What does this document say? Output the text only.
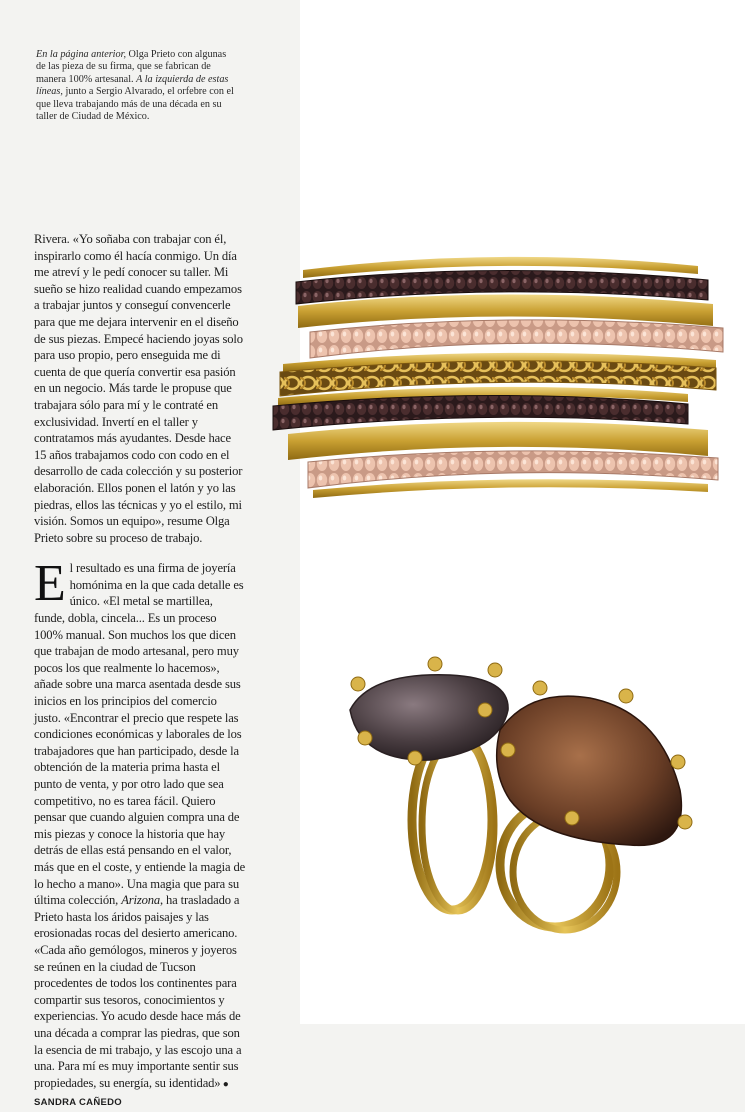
En la página anterior, Olga Prieto con algunas de las pieza de su firma, que se fabrican de manera 100% artesanal. A la izquierda de estas líneas, junto a Sergio Alvarado, el orfebre con el que lleva trabajando más de una década en su taller de Ciudad de México.

Rivera. «Yo soñaba con trabajar con él, inspirarlo como él hacía conmigo. Un día me atreví y le pedí conocer su taller. Mi sueño se hizo realidad cuando empezamos a trabajar juntos y conseguí convencerle para que me dejara intervenir en el diseño de sus piezas. Empecé haciendo joyas solo para uso propio, pero enseguida me di cuenta de que quería convertir esa pasión en un negocio. Más tarde le propuse que trabajara sólo para mí y le contraté en exclusividad. Invertí en el taller y contratamos más ayudantes. Desde hace 15 años trabajamos codo con codo en el desarrollo de cada colección y su posterior elaboración. Ellos ponen el latón y yo las piedras, ellos las técnicas y yo el estilo, mi visión. Somos un equipo», resume Olga Prieto sobre su proceso de trabajo.

El resultado es una firma de joyería homónima en la que cada detalle es único. «El metal se martillea, funde, dobla, cincela... Es un proceso 100% manual. Son muchos los que dicen que trabajan de modo artesanal, pero muy pocos los que realmente lo hacemos», añade sobre una marca asentada desde sus inicios en los principios del comercio justo. «Encontrar el precio que respete las condiciones económicas y laborales de los trabajadores que han participado, desde la obtención de la materia prima hasta el punto de venta, y por otro lado que sea competitivo, no es tarea fácil. Quiero pensar que cuando alguien compra una de mis piezas y conoce la historia que hay detrás de ellas está pensando en el valor, más que en el coste, y entiende la magia de lo hecho a mano». Una magia que para su última colección, Arizona, ha trasladado a Prieto hasta los áridos paisajes y las erosionadas rocas del desierto americano. «Cada año gemólogos, mineros y joyeros se reúnen en la ciudad de Tucson procedentes de todos los continentes para compartir sus tesoros, conocimientos y experiencias. Yo acudo desde hace más de una década a comprar las piedras, que son la esencia de mi trabajo, y las escojo una a una. Para mí es muy importante sentir sus propiedades, su energía, su identidad» ● SANDRA CAÑEDO
